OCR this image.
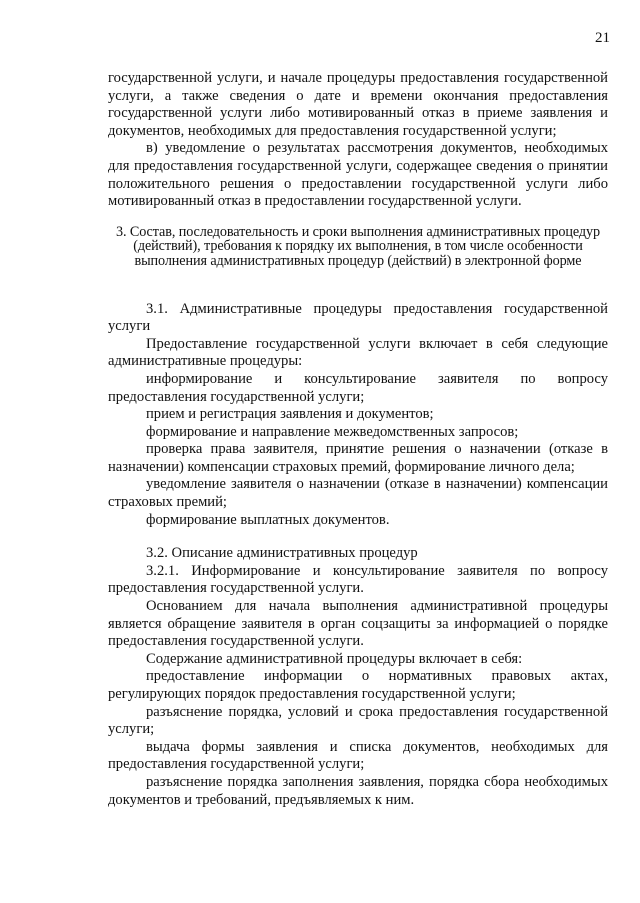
21

государственной услуги, и начале процедуры предоставления государственной услуги, а также сведения о дате и времени окончания предоставления государственной услуги либо мотивированный отказ в приеме заявления и документов, необходимых для предоставления государственной услуги;

в) уведомление о результатах рассмотрения документов, необходимых для предоставления государственной услуги, содержащее сведения о принятии положительного решения о предоставлении государственной услуги либо мотивированный отказ в предоставлении государственной услуги.

3. Состав, последовательность и сроки выполнения административных процедур (действий), требования к порядку их выполнения, в том числе особенности выполнения административных процедур (действий) в электронной форме

3.1. Административные процедуры предоставления государственной услуги

Предоставление государственной услуги включает в себя следующие административные процедуры:

информирование и консультирование заявителя по вопросу предоставления государственной услуги;

прием и регистрация заявления и документов;

формирование и направление межведомственных запросов;

проверка права заявителя, принятие решения о назначении (отказе в назначении) компенсации страховых премий, формирование личного дела;

уведомление заявителя о назначении (отказе в назначении) компенсации страховых премий;

формирование выплатных документов.

3.2. Описание административных процедур

3.2.1. Информирование и консультирование заявителя по вопросу предоставления государственной услуги.

Основанием для начала выполнения административной процедуры является обращение заявителя в орган соцзащиты за информацией о порядке предоставления государственной услуги.

Содержание административной процедуры включает в себя:

предоставление информации о нормативных правовых актах, регулирующих порядок предоставления государственной услуги;

разъяснение порядка, условий и срока предоставления государственной услуги;

выдача формы заявления и списка документов, необходимых для предоставления государственной услуги;

разъяснение порядка заполнения заявления, порядка сбора необходимых документов и требований, предъявляемых к ним.
